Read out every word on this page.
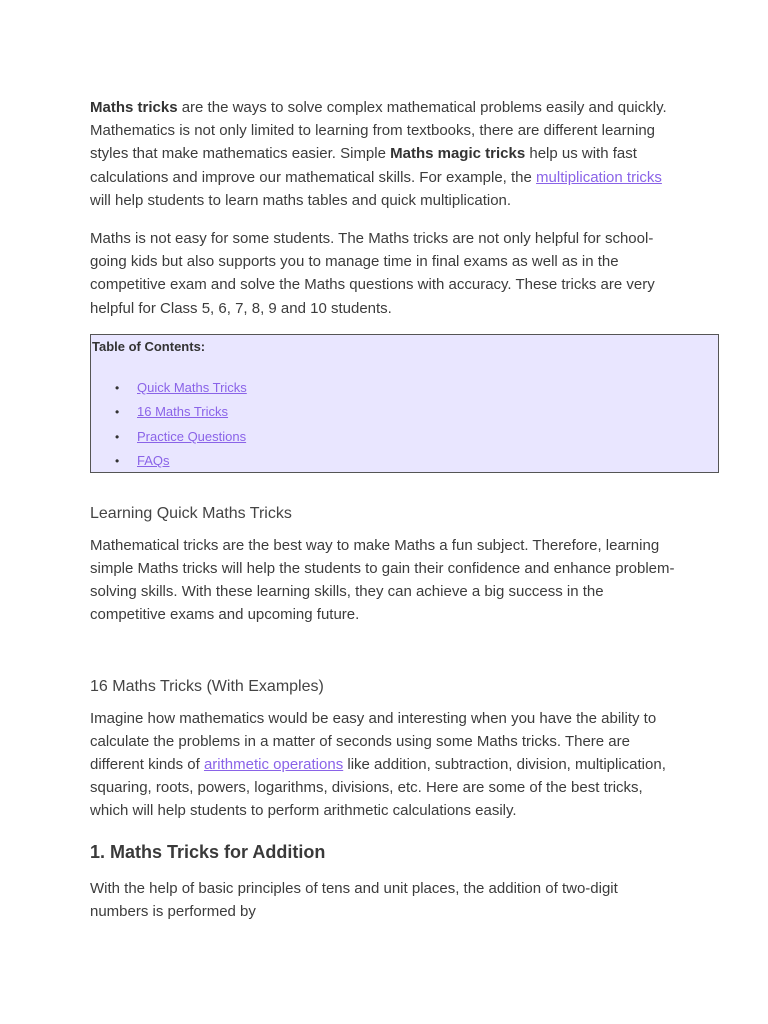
Maths tricks are the ways to solve complex mathematical problems easily and quickly. Mathematics is not only limited to learning from textbooks, there are different learning styles that make mathematics easier. Simple Maths magic tricks help us with fast calculations and improve our mathematical skills. For example, the multiplication tricks will help students to learn maths tables and quick multiplication.

Maths is not easy for some students. The Maths tricks are not only helpful for school-going kids but also supports you to manage time in final exams as well as in the competitive exam and solve the Maths questions with accuracy. These tricks are very helpful for Class 5, 6, 7, 8, 9 and 10 students.

Table of Contents:
• Quick Maths Tricks
• 16 Maths Tricks
• Practice Questions
• FAQs
Learning Quick Maths Tricks

Mathematical tricks are the best way to make Maths a fun subject. Therefore, learning simple Maths tricks will help the students to gain their confidence and enhance problem-solving skills. With these learning skills, they can achieve a big success in the competitive exams and upcoming future.

16 Maths Tricks (With Examples)

Imagine how mathematics would be easy and interesting when you have the ability to calculate the problems in a matter of seconds using some Maths tricks. There are different kinds of arithmetic operations like addition, subtraction, division, multiplication, squaring, roots, powers, logarithms, divisions, etc. Here are some of the best tricks, which will help students to perform arithmetic calculations easily.

1. Maths Tricks for Addition

With the help of basic principles of tens and unit places, the addition of two-digit numbers is performed by
